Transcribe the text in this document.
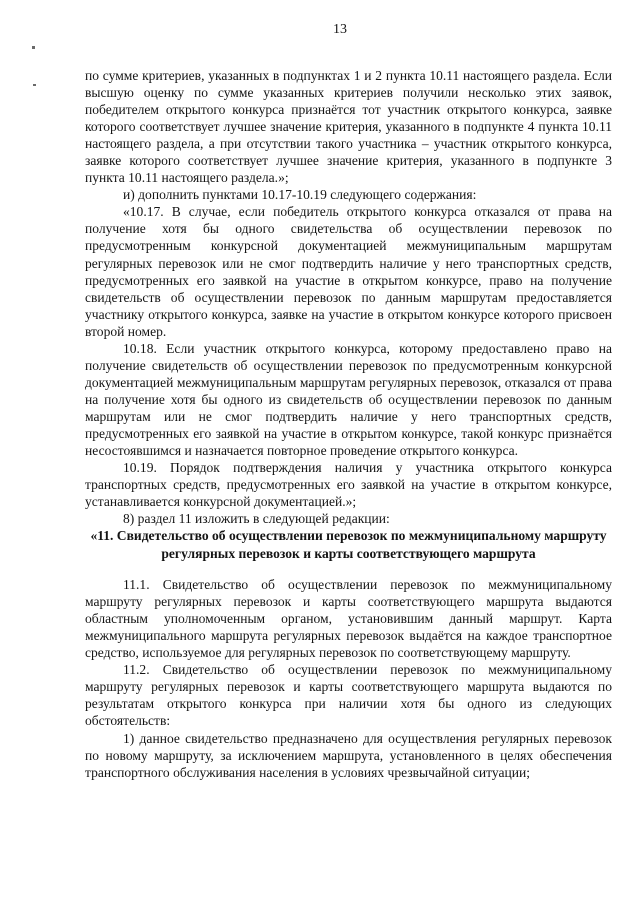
13

по сумме критериев, указанных в подпунктах 1 и 2 пункта 10.11 настоящего раздела. Если высшую оценку по сумме указанных критериев получили несколько этих заявок, победителем открытого конкурса признаётся тот участник открытого конкурса, заявке которого соответствует лучшее значение критерия, указанного в подпункте 4 пункта 10.11 настоящего раздела, а при отсутствии такого участника – участник открытого конкурса, заявке которого соответствует лучшее значение критерия, указанного в подпункте 3 пункта 10.11 настоящего раздела.»;

и) дополнить пунктами 10.17-10.19 следующего содержания:

«10.17. В случае, если победитель открытого конкурса отказался от права на получение хотя бы одного свидетельства об осуществлении перевозок по предусмотренным конкурсной документацией межмуниципальным маршрутам регулярных перевозок или не смог подтвердить наличие у него транспортных средств, предусмотренных его заявкой на участие в открытом конкурсе, право на получение свидетельств об осуществлении перевозок по данным маршрутам предоставляется участнику открытого конкурса, заявке на участие в открытом конкурсе которого присвоен второй номер.

10.18. Если участник открытого конкурса, которому предоставлено право на получение свидетельств об осуществлении перевозок по предусмотренным конкурсной документацией межмуниципальным маршрутам регулярных перевозок, отказался от права на получение хотя бы одного из свидетельств об осуществлении перевозок по данным маршрутам или не смог подтвердить наличие у него транспортных средств, предусмотренных его заявкой на участие в открытом конкурсе, такой конкурс признаётся несостоявшимся и назначается повторное проведение открытого конкурса.

10.19. Порядок подтверждения наличия у участника открытого конкурса транспортных средств, предусмотренных его заявкой на участие в открытом конкурсе, устанавливается конкурсной документацией.»;

8) раздел 11 изложить в следующей редакции:

«11. Свидетельство об осуществлении перевозок по межмуниципальному маршруту регулярных перевозок и карты соответствующего маршрута

11.1. Свидетельство об осуществлении перевозок по межмуниципальному маршруту регулярных перевозок и карты соответствующего маршрута выдаются областным уполномоченным органом, установившим данный маршрут. Карта межмуниципального маршрута регулярных перевозок выдаётся на каждое транспортное средство, используемое для регулярных перевозок по соответствующему маршруту.

11.2. Свидетельство об осуществлении перевозок по межмуниципальному маршруту регулярных перевозок и карты соответствующего маршрута выдаются по результатам открытого конкурса при наличии хотя бы одного из следующих обстоятельств:

1) данное свидетельство предназначено для осуществления регулярных перевозок по новому маршруту, за исключением маршрута, установленного в целях обеспечения транспортного обслуживания населения в условиях чрезвычайной ситуации;
